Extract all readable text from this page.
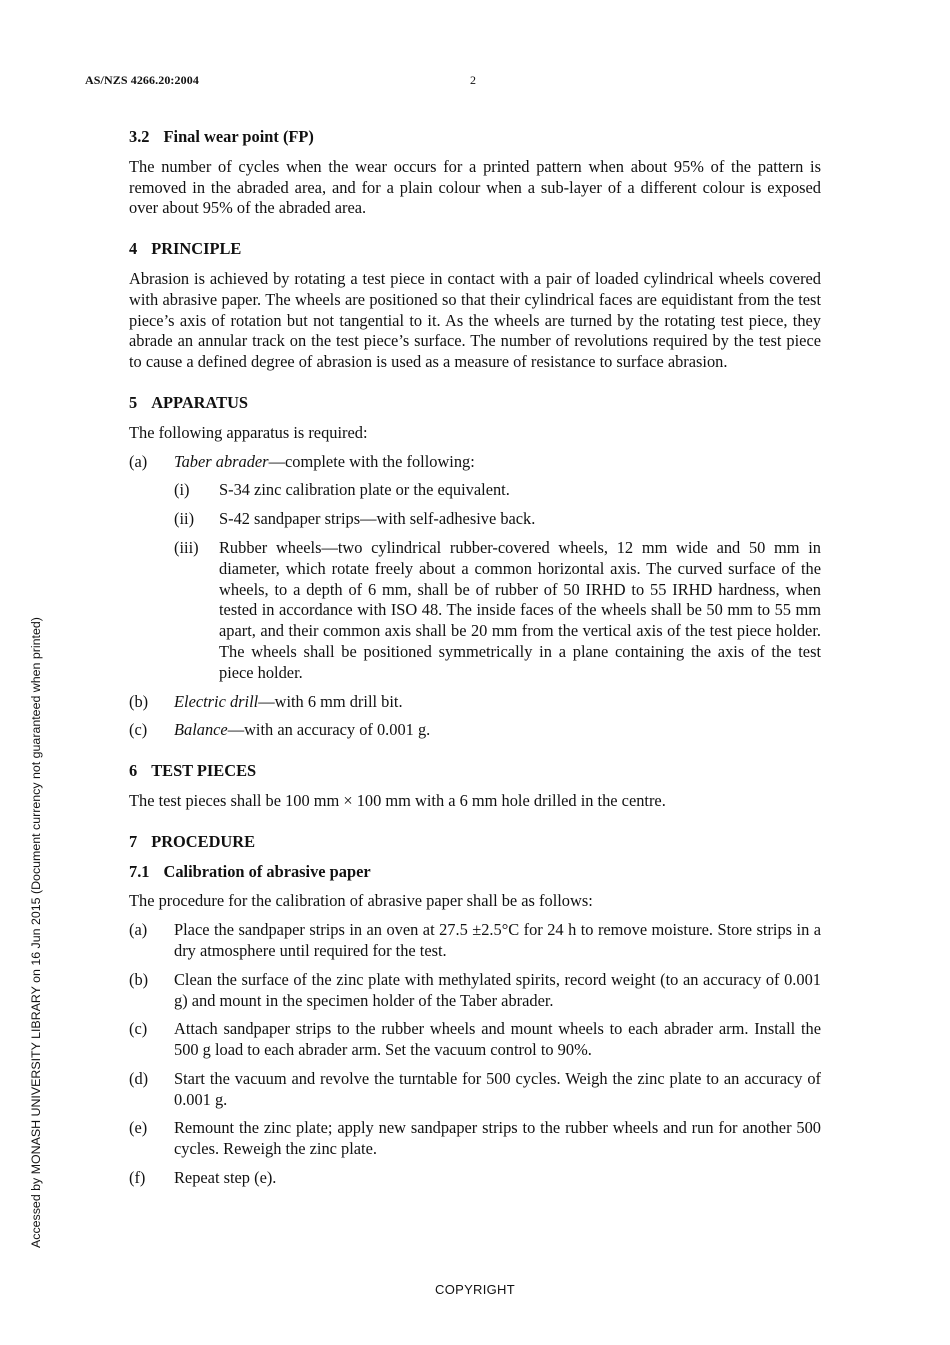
AS/NZS 4266.20:2004	2
3.2 Final wear point (FP)

The number of cycles when the wear occurs for a printed pattern when about 95% of the pattern is removed in the abraded area, and for a plain colour when a sub-layer of a different colour is exposed over about 95% of the abraded area.

4 PRINCIPLE

Abrasion is achieved by rotating a test piece in contact with a pair of loaded cylindrical wheels covered with abrasive paper. The wheels are positioned so that their cylindrical faces are equidistant from the test piece’s axis of rotation but not tangential to it. As the wheels are turned by the rotating test piece, they abrade an annular track on the test piece’s surface. The number of revolutions required by the test piece to cause a defined degree of abrasion is used as a measure of resistance to surface abrasion.

5 APPARATUS

The following apparatus is required:

(a)	Taber abrader—complete with the following:
(i)	S-34 zinc calibration plate or the equivalent.
(ii)	S-42 sandpaper strips—with self-adhesive back.
(iii)	Rubber wheels—two cylindrical rubber-covered wheels, 12 mm wide and 50 mm in diameter, which rotate freely about a common horizontal axis. The curved surface of the wheels, to a depth of 6 mm, shall be of rubber of 50 IRHD to 55 IRHD hardness, when tested in accordance with ISO 48. The inside faces of the wheels shall be 50 mm to 55 mm apart, and their common axis shall be 20 mm from the vertical axis of the test piece holder. The wheels shall be positioned symmetrically in a plane containing the axis of the test piece holder.
(b)	Electric drill—with 6 mm drill bit.
(c)	Balance—with an accuracy of 0.001 g.
6 TEST PIECES

The test pieces shall be 100 mm × 100 mm with a 6 mm hole drilled in the centre.

7 PROCEDURE
7.1 Calibration of abrasive paper

The procedure for the calibration of abrasive paper shall be as follows:

(a)	Place the sandpaper strips in an oven at 27.5 ±2.5°C for 24 h to remove moisture. Store strips in a dry atmosphere until required for the test.
(b)	Clean the surface of the zinc plate with methylated spirits, record weight (to an accuracy of 0.001 g) and mount in the specimen holder of the Taber abrader.
(c)	Attach sandpaper strips to the rubber wheels and mount wheels to each abrader arm. Install the 500 g load to each abrader arm. Set the vacuum control to 90%.
(d)	Start the vacuum and revolve the turntable for 500 cycles. Weigh the zinc plate to an accuracy of 0.001 g.
(e)	Remount the zinc plate; apply new sandpaper strips to the rubber wheels and run for another 500 cycles. Reweigh the zinc plate.
(f)	Repeat step (e).
Accessed by MONASH UNIVERSITY LIBRARY on 16 Jun 2015 (Document currency not guaranteed when printed)
COPYRIGHT
